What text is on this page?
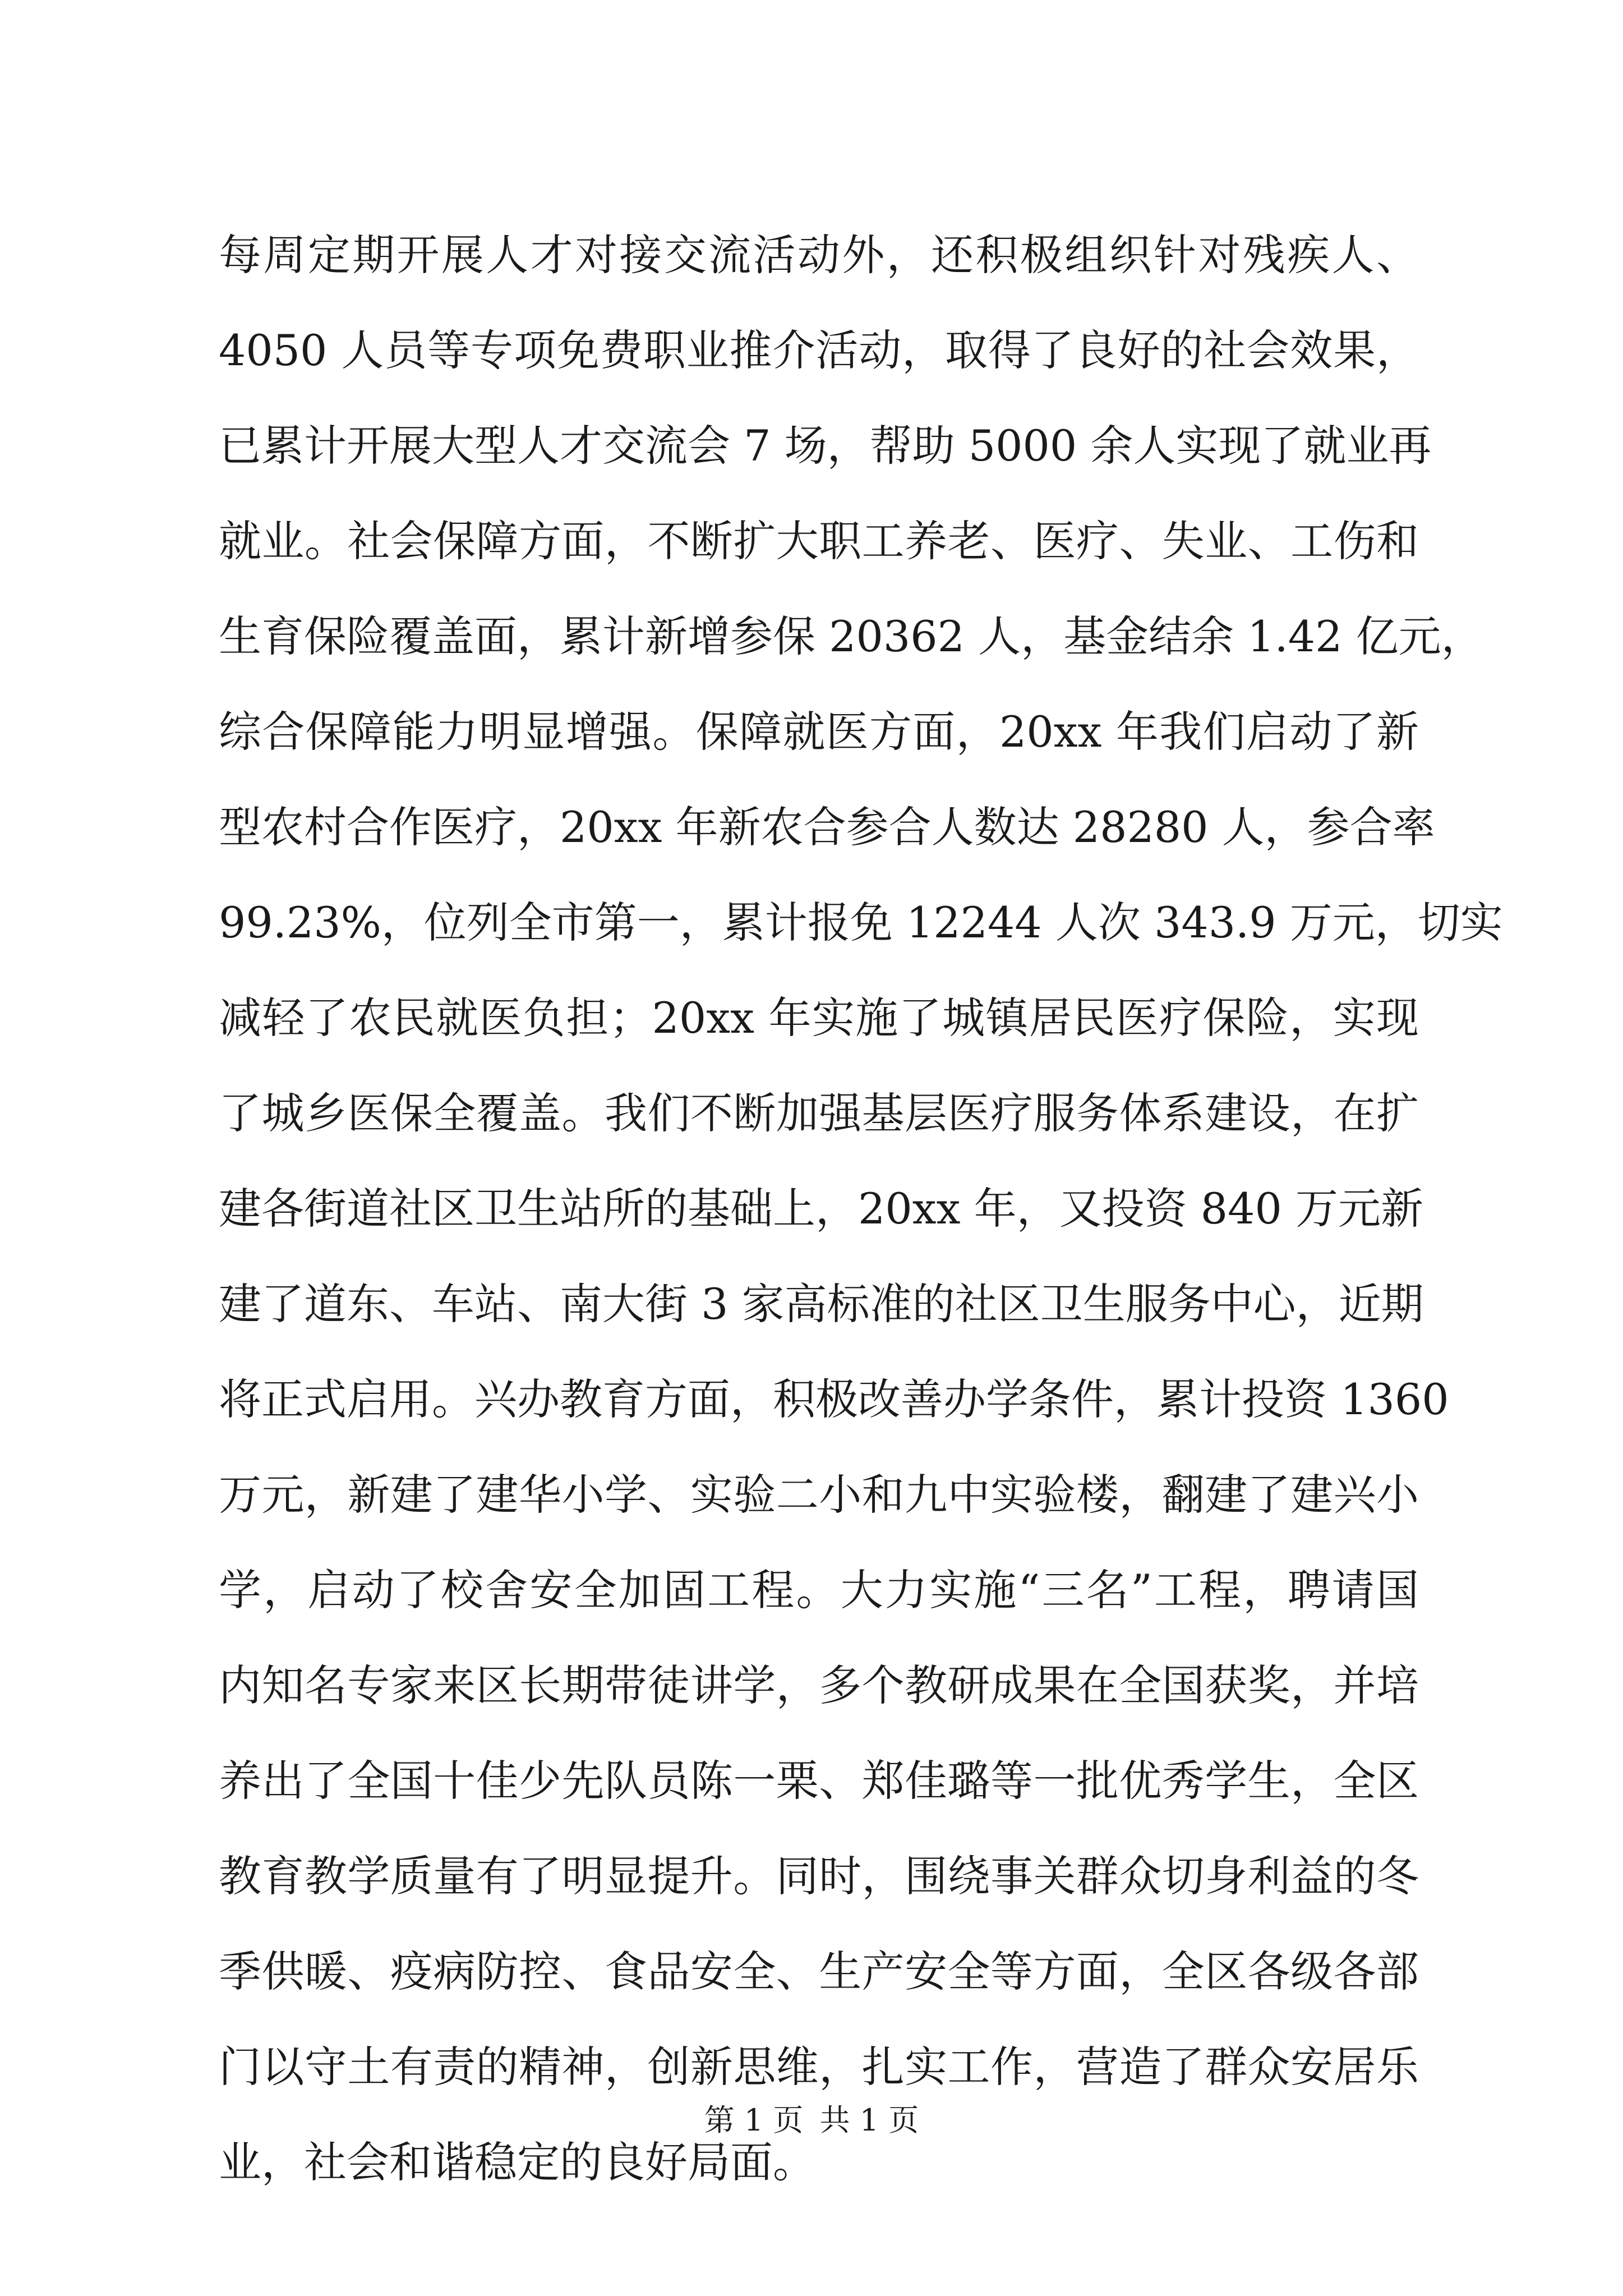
每周定期开展人才对接交流活动外，还积极组织针对残疾人、
4050 人员等专项免费职业推介活动，取得了良好的社会效果，
已累计开展大型人才交流会 7 场，帮助 5000 余人实现了就业再
就业。社会保障方面，不断扩大职工养老、医疗、失业、工伤和
生育保险覆盖面，累计新增参保 20362 人，基金结余 1.42 亿元，
综合保障能力明显增强。保障就医方面，20xx 年我们启动了新
型农村合作医疗，20xx 年新农合参合人数达 28280 人，参合率
99.23%，位列全市第一，累计报免 12244 人次 343.9 万元，切实
减轻了农民就医负担；20xx 年实施了城镇居民医疗保险，实现
了城乡医保全覆盖。我们不断加强基层医疗服务体系建设，在扩
建各街道社区卫生站所的基础上，20xx 年，又投资 840 万元新
建了道东、车站、南大街 3 家高标准的社区卫生服务中心，近期
将正式启用。兴办教育方面，积极改善办学条件，累计投资 1360
万元，新建了建华小学、实验二小和九中实验楼，翻建了建兴小
学，启动了校舍安全加固工程。大力实施“三名”工程，聘请国
内知名专家来区长期带徒讲学，多个教研成果在全国获奖，并培
养出了全国十佳少先队员陈一栗、郑佳璐等一批优秀学生，全区
教育教学质量有了明显提升。同时，围绕事关群众切身利益的冬
季供暖、疫病防控、食品安全、生产安全等方面，全区各级各部
门以守土有责的精神，创新思维，扎实工作，营造了群众安居乐
业，社会和谐稳定的良好局面。
第 1 页 共 1 页
